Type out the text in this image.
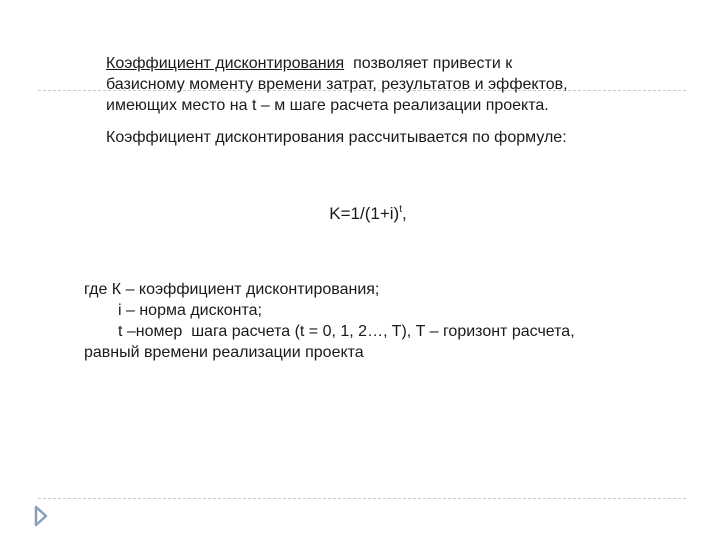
Коэффициент дисконтирования  позволяет привести к
базисному моменту времени затрат, результатов и эффектов,
имеющих место на t – м шаге расчета реализации проекта.
Коэффициент дисконтирования рассчитывается по формуле:
$K=1/(1+i)^t$,
где К – коэффициент дисконтирования;
i – норма дисконта;
t –номер  шага расчета (t = 0, 1, 2…, T), T – горизонт расчета,
равный времени реализации проекта
